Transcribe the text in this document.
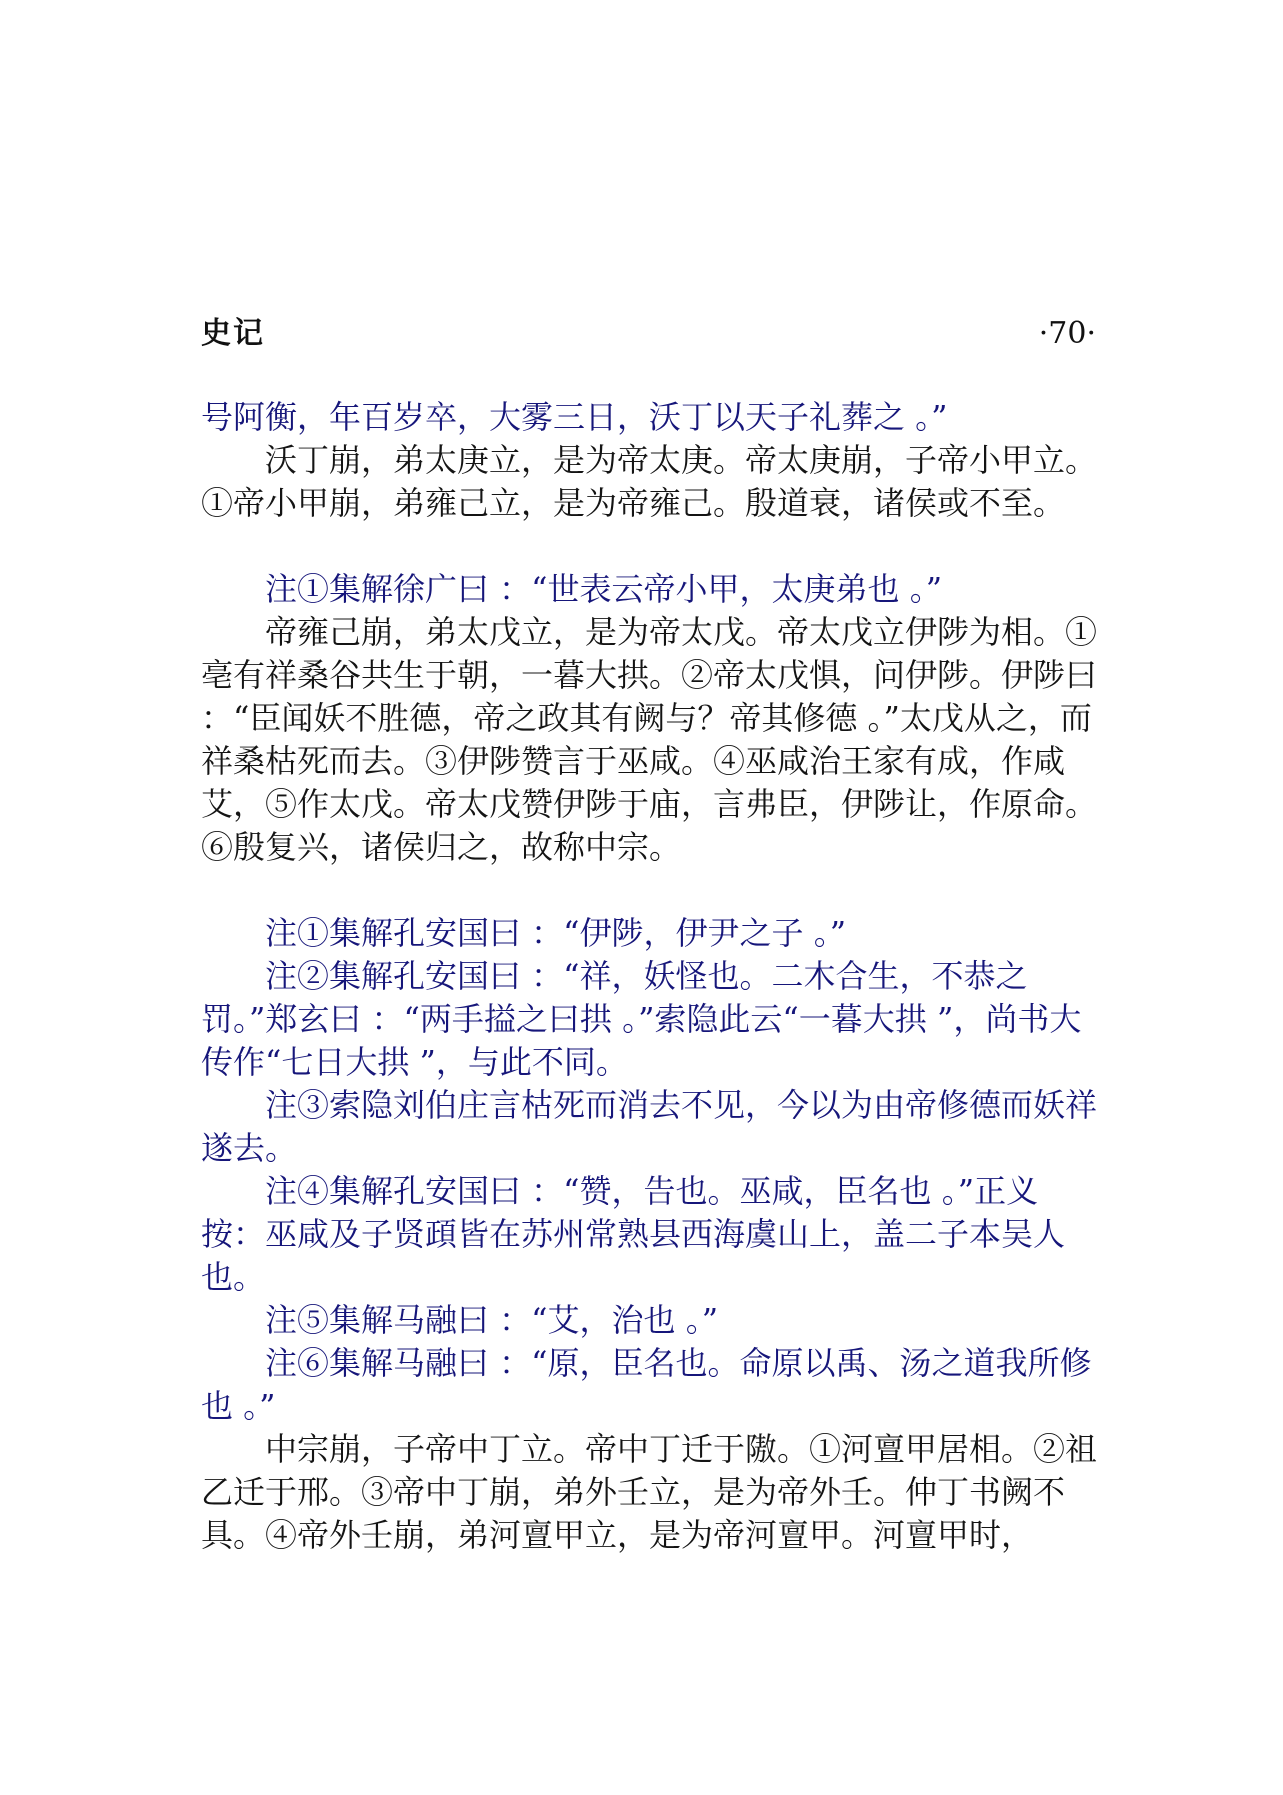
史记	·70·

号阿衡，年百岁卒，大雾三日，沃丁以天子礼葬之 。”

　　沃丁崩，弟太庚立，是为帝太庚。帝太庚崩，子帝小甲立。①帝小甲崩，弟雍己立，是为帝雍己。殷道衰，诸侯或不至。

　　注①集解徐广曰 ：“世表云帝小甲，太庚弟也 。”

　　帝雍己崩，弟太戊立，是为帝太戊。帝太戊立伊陟为相。①亳有祥桑谷共生于朝，一暮大拱。②帝太戊惧，问伊陟。伊陟曰 ：“臣闻妖不胜德，帝之政其有阙与？帝其修德 。”太戊从之，而祥桑枯死而去。③伊陟赞言于巫咸。④巫咸治王家有成，作咸艾，⑤作太戊。帝太戊赞伊陟于庙，言弗臣，伊陟让，作原命。⑥殷复兴，诸侯归之，故称中宗。

　　注①集解孔安国曰 ：“伊陟，伊尹之子 。”

　　注②集解孔安国曰 ：“祥，妖怪也。二木合生，不恭之罚。”郑玄曰 ：“两手搤之曰拱 。”索隐此云“一暮大拱 ”，尚书大传作“七日大拱 ”，与此不同。

　　注③索隐刘伯庄言枯死而消去不见，今以为由帝修德而妖祥遂去。

　　注④集解孔安国曰 ：“赞，告也。巫咸，臣名也 。”正义按：巫咸及子贤頙皆在苏州常熟县西海虞山上，盖二子本吴人也。

　　注⑤集解马融曰 ：“艾，治也 。”

　　注⑥集解马融曰 ：“原，臣名也。命原以禹、汤之道我所修也 。”

　　中宗崩，子帝中丁立。帝中丁迁于隞。①河亶甲居相。②祖乙迁于邢。③帝中丁崩，弟外壬立，是为帝外壬。仲丁书阙不具。④帝外壬崩，弟河亶甲立，是为帝河亶甲。河亶甲时，
